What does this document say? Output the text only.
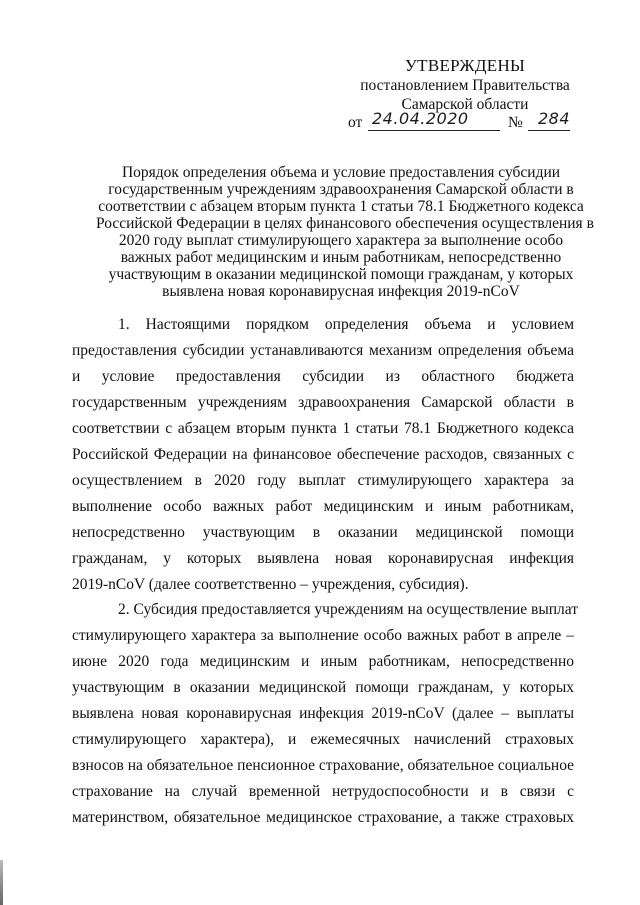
УТВЕРЖДЕНЫ
постановлением Правительства
Самарской области
от 24.04.2020	№ 284
Порядок определения объема и условие предоставления субсидии
государственным учреждениям здравоохранения Самарской области в
соответствии с абзацем вторым пункта 1 статьи 78.1 Бюджетного кодекса
Российской Федерации в целях финансового обеспечения осуществления в
2020 году выплат стимулирующего характера за выполнение особо
важных работ медицинским и иным работникам, непосредственно
участвующим в оказании медицинской помощи гражданам, у которых
выявлена новая коронавирусная инфекция 2019-nCoV
1. Настоящими порядком определения объема и условием
предоставления субсидии устанавливаются механизм определения объема
и условие предоставления субсидии из областного бюджета
государственным учреждениям здравоохранения Самарской области в
соответствии с абзацем вторым пункта 1 статьи 78.1 Бюджетного кодекса
Российской Федерации на финансовое обеспечение расходов, связанных с
осуществлением в 2020 году выплат стимулирующего характера за
выполнение особо важных работ медицинским и иным работникам,
непосредственно участвующим в оказании медицинской помощи
гражданам, у которых выявлена новая коронавирусная инфекция
2019-nCoV (далее соответственно – учреждения, субсидия).
2. Субсидия предоставляется учреждениям на осуществление выплат
стимулирующего характера за выполнение особо важных работ в апреле –
июне 2020 года медицинским и иным работникам, непосредственно
участвующим в оказании медицинской помощи гражданам, у которых
выявлена новая коронавирусная инфекция 2019-nCoV (далее – выплаты
стимулирующего характера), и ежемесячных начислений страховых
взносов на обязательное пенсионное страхование, обязательное социальное
страхование на случай временной нетрудоспособности и в связи с
материнством, обязательное медицинское страхование, а также страховых
